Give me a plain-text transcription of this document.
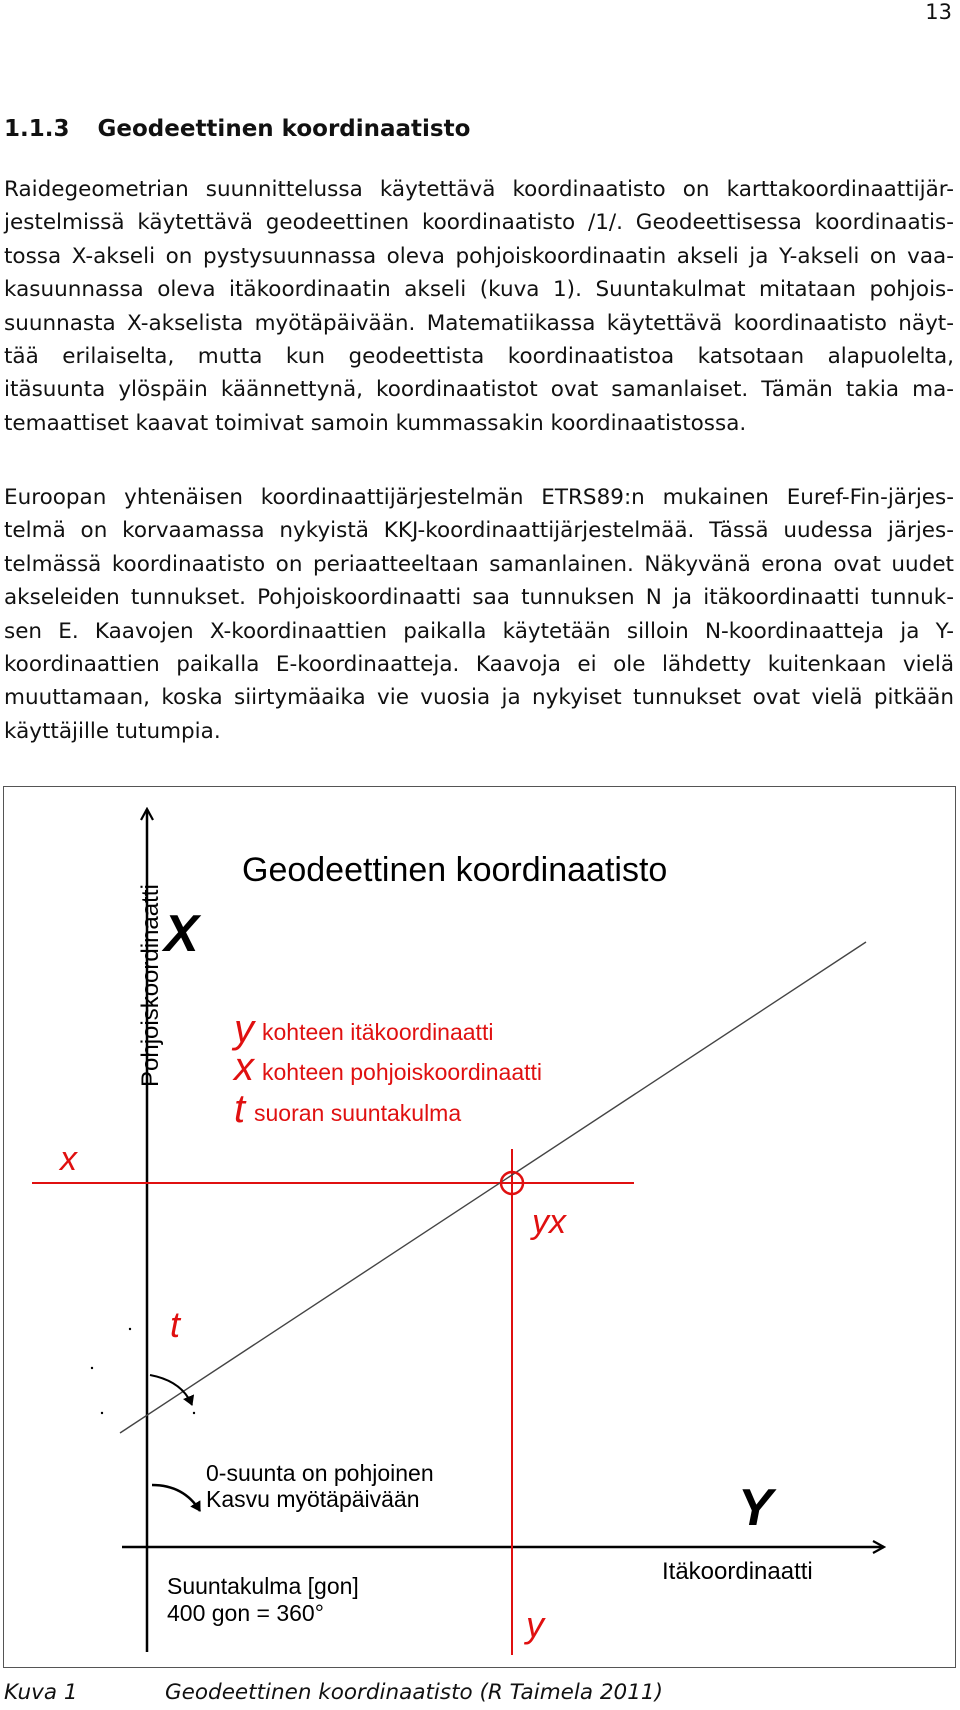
13
1.1.3 Geodeettinen koordinaatisto
Raidegeometrian suunnittelussa käytettävä koordinaatisto on karttakoordinaattijär-
jestelmissä käytettävä geodeettinen koordinaatisto /1/. Geodeettisessa koordinaatis-
tossa X-akseli on pystysuunnassa oleva pohjoiskoordinaatin akseli ja Y-akseli on vaa-
kasuunnassa oleva itäkoordinaatin akseli (kuva 1). Suuntakulmat mitataan pohjois-
suunnasta X-akselista myötäpäivään. Matematiikassa käytettävä koordinaatisto näyt-
tää erilaiselta, mutta kun geodeettista koordinaatistoa katsotaan alapuolelta,
itäsuunta ylöspäin käännettynä, koordinaatistot ovat samanlaiset. Tämän takia ma-
temaattiset kaavat toimivat samoin kummassakin koordinaatistossa.
Euroopan yhtenäisen koordinaattijärjestelmän ETRS89:n mukainen Euref-Fin-järjes-
telmä on korvaamassa nykyistä KKJ-koordinaattijärjestelmää. Tässä uudessa järjes-
telmässä koordinaatisto on periaatteeltaan samanlainen. Näkyvänä erona ovat uudet
akseleiden tunnukset. Pohjoiskoordinaatti saa tunnuksen N ja itäkoordinaatti tunnuk-
sen E. Kaavojen X-koordinaattien paikalla käytetään silloin N-koordinaatteja ja Y-
koordinaattien paikalla E-koordinaatteja. Kaavoja ei ole lähdetty kuitenkaan vielä
muuttamaan, koska siirtymäaika vie vuosia ja nykyiset tunnukset ovat vielä pitkään
käyttäjille tutumpia.
Geodeettinen koordinaatisto
Pohjoiskoordinaatti X
Y
Itäkoordinaatti
y kohteen itäkoordinaatti
x kohteen pohjoiskoordinaatti
t suoran suuntakulma
x
yx
t
y
0-suunta on pohjoinen
Kasvu myötäpäivään
Suuntakulma [gon]
400 gon = 360°
Kuva 1	Geodeettinen koordinaatisto (R Taimela 2011)
